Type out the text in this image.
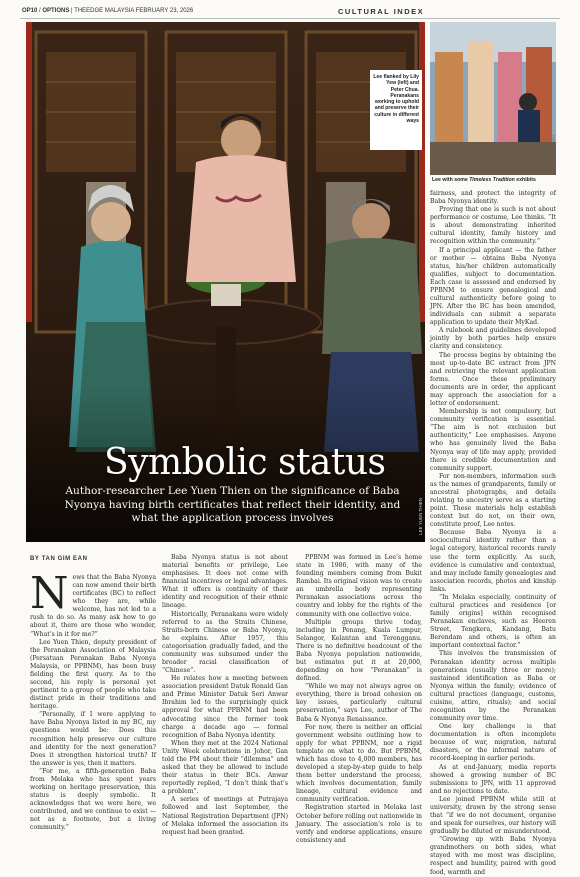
OP10 / OPTIONS | THEEDGE MALAYSIA FEBRUARY 23, 2026	CULTURAL INDEX
Symbolic status
Author-researcher Lee Yuen Thien on the significance of Baba Nyonya having birth certificates that reflect their identity, and what the application process involves	LEE YUEN THIEN
Lee flanked by Lily Yew (left) and Peter Chua. Peranakans working to uphold and preserve their culture in different ways
Lee with some Timeless Tradition exhibits
LEE YUEN THIEN
BY TAN GIM EAN

News that the Baba Nyonya can now amend their birth certificates (BC) to reflect who they are, while welcome, has not led to a rush to do so. As many ask how to go about it, there are those who wonder, “What’s in it for me?”

Lee Yuen Thien, deputy president of the Peranakan Association of Malaysia (Persatuan Peranakan Baba Nyonya Malaysia, or PPBNM), has been busy fielding the first query. As to the second, his reply is personal yet pertinent to a group of people who take distinct pride in their traditions and heritage.

“Personally, if I were applying to have Baba Nyonya listed in my BC, my questions would be: Does this recognition help preserve our culture and identity for the next generation? Does it strengthen historical truth? If the answer is yes, then it matters.

“For me, a fifth-generation Baba from Melaka who has spent years working on heritage preservation, this status is deeply symbolic. It acknowledges that we were here, we contributed, and we continue to exist — not as a footnote, but a living community.”

Baba Nyonya status is not about material benefits or privilege, Lee emphasises. It does not come with financial incentives or legal advantages. What it offers is continuity of their identity and recognition of their ethnic lineage.

Historically, Peranakans were widely referred to as the Straits Chinese, Straits-born Chinese or Baba Nyonya, he explains. After 1957, this categorisation gradually faded, and the community was subsumed under the broader racial classification of “Chinese”.

He relates how a meeting between association president Datuk Ronald Gan and Prime Minister Datuk Seri Anwar Ibrahim led to the surprisingly quick approval for what PPBNM had been advocating since the former took charge a decade ago — formal recognition of Baba Nyonya identity.

When they met at the 2024 National Unity Week celebrations in Johor, Gan told the PM about their “dilemma” and asked that they be allowed to include their status in their BCs. Anwar reportedly replied, “I don’t think that’s a problem”.

A series of meetings at Putrajaya followed and last September, the National Registration Department (JPN) of Melaka informed the association its request had been granted.

PPBNM was formed in Lee’s home state in 1986, with many of the founding members coming from Bukit Rambai. Its original vision was to create an umbrella body representing Peranakan associations across the country and lobby for the rights of the community with one collective voice.

Multiple groups thrive today, including in Penang, Kuala Lumpur, Selangor, Kelantan and Terengganu. There is no definitive headcount of the Baba Nyonya population nationwide, but estimates put it at 20,000, depending on how “Peranakan” is defined.

“While we may not always agree on everything, there is broad cohesion on key issues, particularly cultural preservation,” says Lee, author of The Baba & Nyonya Renaissance.

For now, there is neither an official government website outlining how to apply for what PPBNM, nor a rigid template on what to do. But PPBNM, which has close to 4,000 members, has developed a step-by-step guide to help them better understand the process, which involves documentation, family lineage, cultural evidence and community verification.

Registration started in Melaka last October before rolling out nationwide in January. The association’s role is to verify and endorse applications, ensure consistency and

fairness, and protect the integrity of Baba Nyonya identity.

Proving that one is such is not about performance or costume, Lee thinks. “It is about demonstrating inherited cultural identity, family history and recognition within the community.”

If a principal applicant — the father or mother — obtains Baba Nyonya status, his/her children automatically qualifies, subject to documentation. Each case is assessed and endorsed by PPBNM to ensure genealogical and cultural authenticity before going to JPN. After the BC has been amended, individuals can submit a separate application to update their MyKad.

A rulebook and guidelines developed jointly by both parties help ensure clarity and consistency.

The process begins by obtaining the most up-to-date BC extract from JPN and retrieving the relevant application forms. Once these preliminary documents are in order, the applicant may approach the association for a letter of endorsement.

Membership is not compulsory, but community verification is essential. “The aim is not exclusion but authenticity,” Lee emphasises. Anyone who has genuinely lived the Baba Nyonya way of life may apply, provided there is credible documentation and community support.

For non-members, information such as the names of grandparents, family or ancestral photographs, and details relating to ancestry serve as a starting point. These materials help establish context but do not, on their own, constitute proof, Lee notes.

Because Baba Nyonya is a sociocultural identity rather than a legal category, historical records rarely use the term explicitly. As such, evidence is cumulative and contextual, and may include family genealogies and association records, photos and kinship links.

“In Melaka especially, continuity of cultural practices and residence [or family origins] within recognised Peranakan enclaves, such as Heeren Street, Tengkera, Kandang, Batu Berendam and others, is often an important contextual factor.”

This involves the transmission of Peranakan identity across multiple generations (usually three or more); sustained identification as Baba or Nyonya within the family; evidence of cultural practices (language, customs, cuisine, attire, rituals); and social recognition by the Peranakan community over time.

One key challenge is that documentation is often incomplete because of war, migration, natural disasters, or the informal nature of record-keeping in earlier periods.

As at end-January, media reports showed a growing number of BC submissions to JPN, with 11 approved and no rejections to date.

Lee joined PPBNM while still at university, drawn by the strong sense that “if we do not document, organise and speak for ourselves, our history will gradually be diluted or misunderstood.

“Growing up with Baba Nyonya grandmothers on both sides, what stayed with me most was discipline, respect and humility, paired with good food, warmth and
